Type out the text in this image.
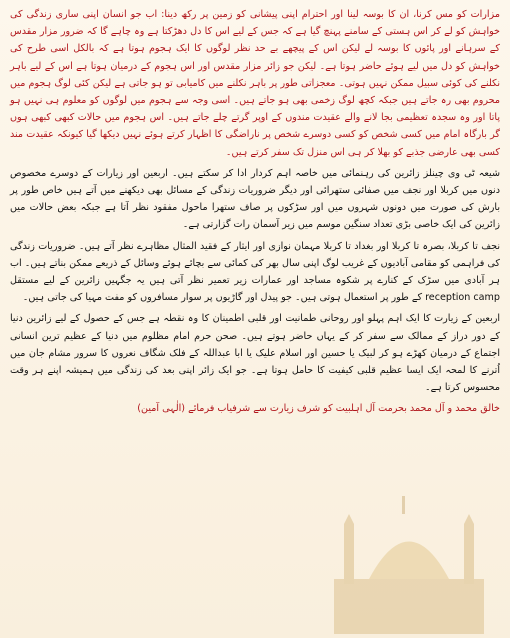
مزارات کو مس کرنا، ان کا بوسہ لینا اور احترام اپنی پیشانی کو زمین پر رکھ دینا: اب جو انسان اپنی ساری زندگی کی خواہش کو لے کر اس ہستی کے سامنے پہنچ گیا ہے کہ جس کے لیے اس کا دل دھڑکتا ہے وہ چاہے گا کہ ضرور مزار مقدس کے سرہانے اور پائوں کا بوسہ لے لیکن اس کے پیچھے بے حد نظر لوگوں کا ایک ہجوم ہوتا ہے کہ بالکل اسی طرح کی خواہش کو دل میں لیے ہوئے حاضر ہوتا ہے۔ لیکن جو زائر مزار مقدس اور اس ہجوم کے درمیان ہوتا ہے اس کے لیے باہر نکلنے کی کوئی سبیل ممکن نہیں ہوتی۔ معجزاتی طور پر باہر نکلنے میں کامیابی تو ہو جاتی ہے لیکن کئی لوگ ہجوم میں محروم بھی رہ جاتے ہیں جبکہ کچھ لوگ زخمی بھی ہو جاتے ہیں۔ اسی وجہ سے ہجوم میں لوگوں کو معلوم ہی نہیں ہو پاتا اور وہ سجدہ تعظیمی بجا لانے والے عقیدت مندوں کے اوپر گرتے چلے جاتے ہیں۔ اس ہجوم میں حالات کبھی کبھی ہوں گر بارگاہ امام میں کسی شخص کو کسی دوسرے شخص پر ناراضگی کا اظہار کرتے ہوئے نہیں دیکھا گیا کیونکہ عقیدت مند کسی بھی عارضی جذبے کو بھلا کر ہی اس منزل تک سفر کرتے ہیں۔

شیعہ ٹی وی چینلز زائرین کی رہنمائی میں خاصہ اہم کردار ادا کر سکتے ہیں۔ اربعین اور زیارات کے دوسرے مخصوص دنوں میں کربلا اور نجف میں صفائی ستھرائی اور دیگر ضروریات زندگی کے مسائل بھی دیکھنے میں آتے ہیں خاص طور پر بارش کی صورت میں دونوں شہروں میں اور سڑکوں پر صاف ستھرا ماحول مفقود نظر آتا ہے جبکہ بعض حالات میں زائرین کی ایک خاصی بڑی تعداد سنگین موسم میں زیر آسمان رات گزارتی ہے۔

نجف تا کربلا، بصرہ تا کربلا اور بغداد تا کربلا مہمان نوازی اور ایثار کے فقید المثال مظاہرے نظر آتے ہیں۔ ضروریات زندگی کی فراہمی کو مقامی آبادیوں کے غریب لوگ اپنی سال بھر کی کمائی سے بچائے ہوئے وسائل کے ذریعے ممکن بناتے ہیں۔ اب ہر آبادی میں سڑک کے کنارے پر شکوہ مساجد اور عمارات زیر تعمیر نظر آتی ہیں یہ جگہیں زائرین کے لیے مستقل reception camp کے طور پر استعمال ہوتی ہیں۔ جو پیدل اور گاڑیوں پر سوار مسافروں کو مفت مہیا کی جاتی ہیں۔

اربعین کے زیارت کا ایک اہم پہلو اور روحانی طمانیت اور قلبی اطمینان کا وہ نقطہ ہے جس کے حصول کے لیے زائرین دنیا کے دور دراز کے ممالک سے سفر کر کے یہاں حاضر ہوتے ہیں۔ صحن حرم امام مظلوم میں دنیا کے عظیم ترین انسانی اجتماع کے درمیان کھڑے ہو کر لبیک یا حسین اور اسلام علیک یا ابا عبداللہ کے فلک شگاف نعروں کا سرور مشام جان میں اُترنے کا لمحہ ایک ایسا عظیم قلبی کیفیت کا حامل ہوتا ہے۔ جو ایک زائر اپنی بعد کی زندگی میں ہمیشہ اپنے ہر وقت محسوس کرتا ہے۔

خالق محمد و آل محمد بحرمت آل اہلبیت کو شرف زیارت سے شرفیاب فرمائے (الٰہی آمین)
